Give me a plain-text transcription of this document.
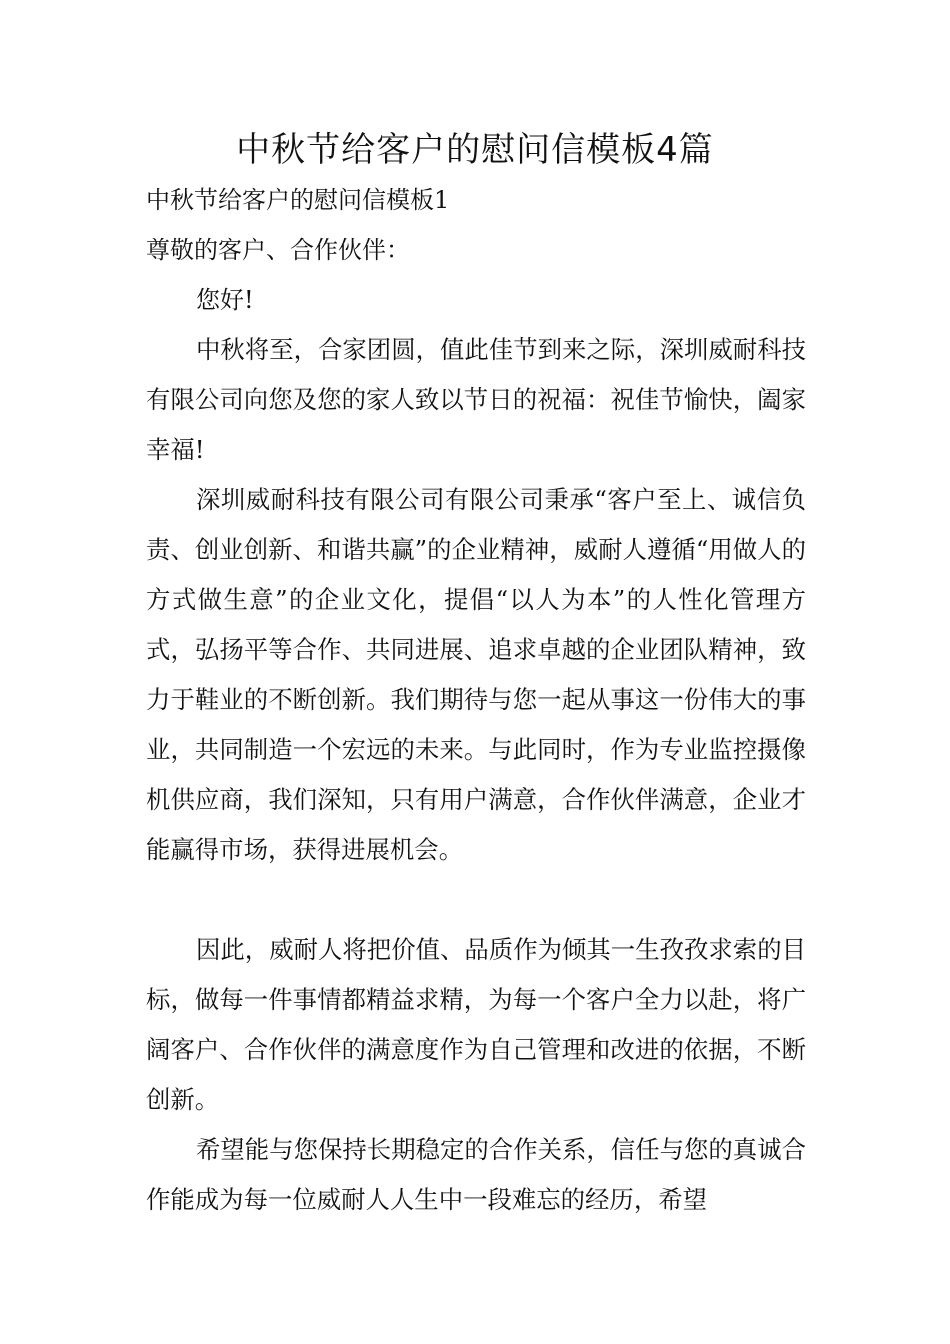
中秋节给客户的慰问信模板4篇

中秋节给客户的慰问信模板1

尊敬的客户、合作伙伴：

您好!

中秋将至，合家团圆，值此佳节到来之际，深圳威耐科技有限公司向您及您的家人致以节日的祝福：祝佳节愉快，阖家幸福!

深圳威耐科技有限公司有限公司秉承“客户至上、诚信负责、创业创新、和谐共赢”的企业精神，威耐人遵循“用做人的方式做生意”的企业文化，提倡“以人为本”的人性化管理方式，弘扬平等合作、共同进展、追求卓越的企业团队精神，致力于鞋业的不断创新。我们期待与您一起从事这一份伟大的事业，共同制造一个宏远的未来。与此同时，作为专业监控摄像机供应商，我们深知，只有用户满意，合作伙伴满意，企业才能赢得市场，获得进展机会。

因此，威耐人将把价值、品质作为倾其一生孜孜求索的目标，做每一件事情都精益求精，为每一个客户全力以赴，将广阔客户、合作伙伴的满意度作为自己管理和改进的依据，不断创新。

希望能与您保持长期稳定的合作关系，信任与您的真诚合作能成为每一位威耐人人生中一段难忘的经历，希望
